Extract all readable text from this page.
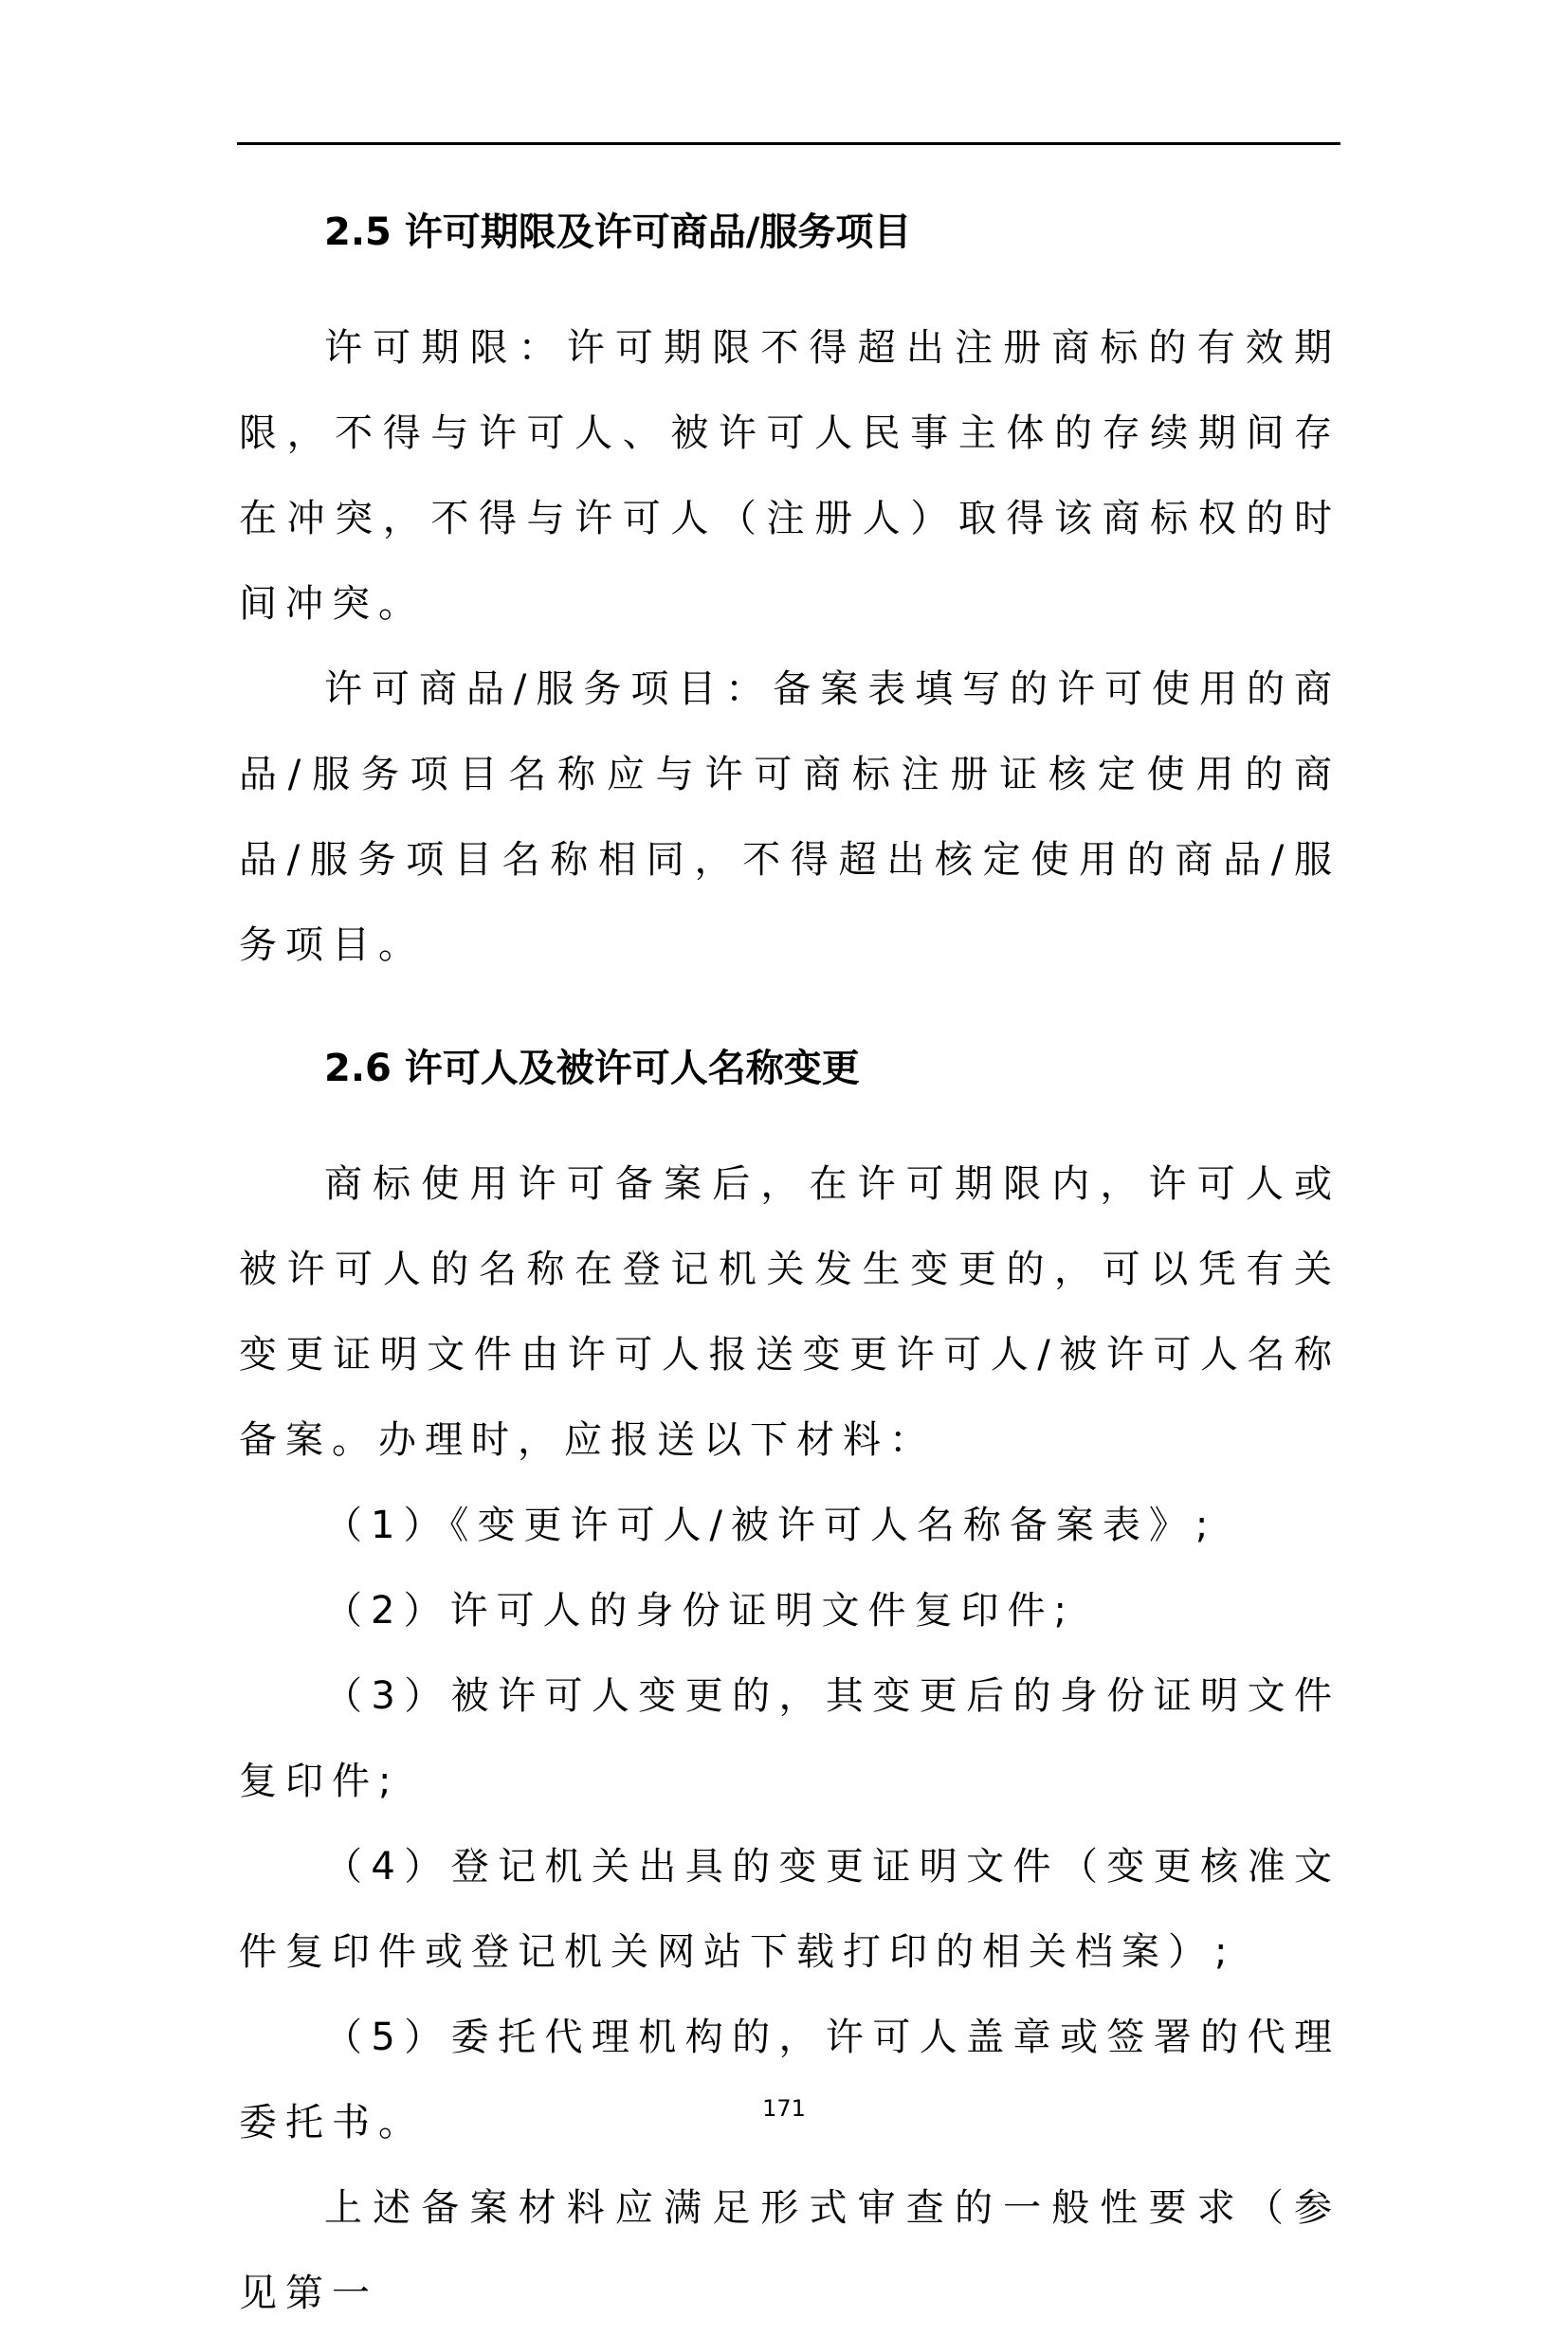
2.5 许可期限及许可商品/服务项目

许可期限：许可期限不得超出注册商标的有效期限，不得与许可人、被许可人民事主体的存续期间存在冲突，不得与许可人（注册人）取得该商标权的时间冲突。

许可商品/服务项目：备案表填写的许可使用的商品/服务项目名称应与许可商标注册证核定使用的商品/服务项目名称相同，不得超出核定使用的商品/服务项目。

2.6 许可人及被许可人名称变更

商标使用许可备案后，在许可期限内，许可人或被许可人的名称在登记机关发生变更的，可以凭有关变更证明文件由许可人报送变更许可人/被许可人名称备案。办理时，应报送以下材料：

（1）《变更许可人/被许可人名称备案表》;

（2）许可人的身份证明文件复印件;

（3）被许可人变更的，其变更后的身份证明文件复印件;

（4）登记机关出具的变更证明文件（变更核准文件复印件或登记机关网站下载打印的相关档案）;

（5）委托代理机构的，许可人盖章或签署的代理委托书。

上述备案材料应满足形式审查的一般性要求（参见第一

171
